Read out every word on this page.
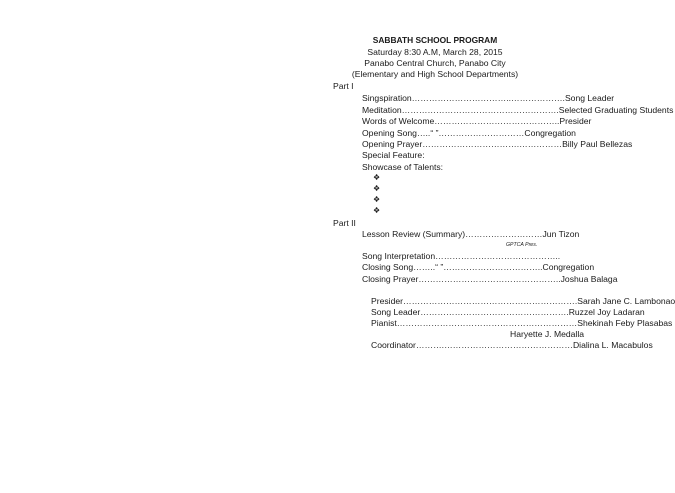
SABBATH SCHOOL PROGRAM
Saturday 8:30 A.M, March 28, 2015
Panabo Central Church, Panabo City
(Elementary and High School Departments)
Part I
Singspiration……………………………..……………….Song Leader
Meditation……………………………………………….Selected Graduating Students
Words of Welcome……………………………………..Presider
Opening Song…..“ ”…………………………Congregation
Opening Prayer…………………………….……………Billy Paul Bellezas
Special Feature:
Showcase of Talents:
❖
❖
❖
❖
Part II
Lesson Review (Summary)………………………Jun Tizon
GPTCA Pres.
Song Interpretation……………………………………..
Closing Song……..“ ”……………………………..Congregation
Closing Prayer…………………………………………..Joshua Balaga
Presider…………………………………………………….Sarah Jane C. Lambonao
Song Leader…………………………………………….Ruzzel Joy Ladaran
Pianist………………………………………………………Shekinah Feby Plasabas
Haryette J. Medalla
Coordinator……….………………………………………Dialina L. Macabulos
